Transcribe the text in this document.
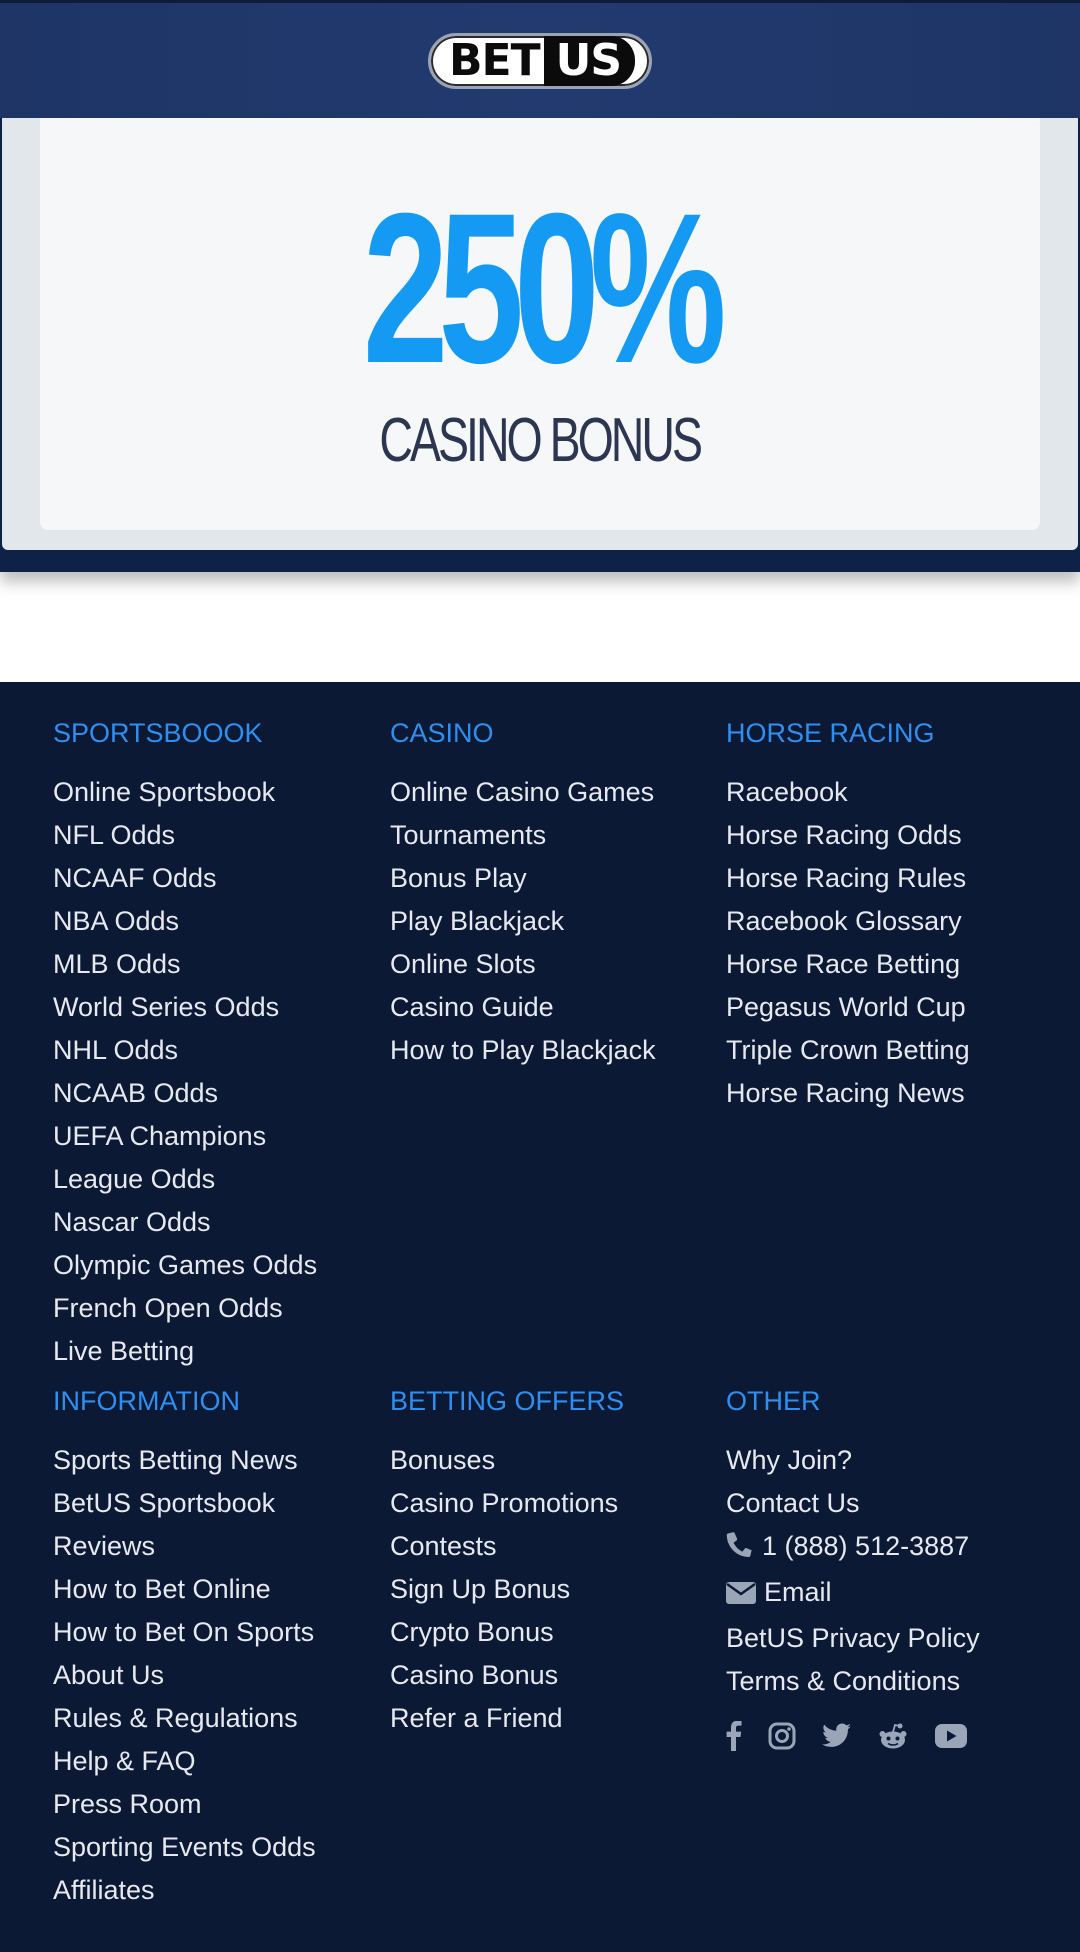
BET US
250%
CASINO BONUS
SPORTSBOOOK
Online Sportsbook
NFL Odds
NCAAF Odds
NBA Odds
MLB Odds
World Series Odds
NHL Odds
NCAAB Odds
UEFA Champions
League Odds
Nascar Odds
Olympic Games Odds
French Open Odds
Live Betting
CASINO
Online Casino Games
Tournaments
Bonus Play
Play Blackjack
Online Slots
Casino Guide
How to Play Blackjack
HORSE RACING
Racebook
Horse Racing Odds
Horse Racing Rules
Racebook Glossary
Horse Race Betting
Pegasus World Cup
Triple Crown Betting
Horse Racing News
INFORMATION
Sports Betting News
BetUS Sportsbook
Reviews
How to Bet Online
How to Bet On Sports
About Us
Rules & Regulations
Help & FAQ
Press Room
Sporting Events Odds
Affiliates
BETTING OFFERS
Bonuses
Casino Promotions
Contests
Sign Up Bonus
Crypto Bonus
Casino Bonus
Refer a Friend
OTHER
Why Join?
Contact Us
1 (888) 512-3887
Email
BetUS Privacy Policy
Terms & Conditions
